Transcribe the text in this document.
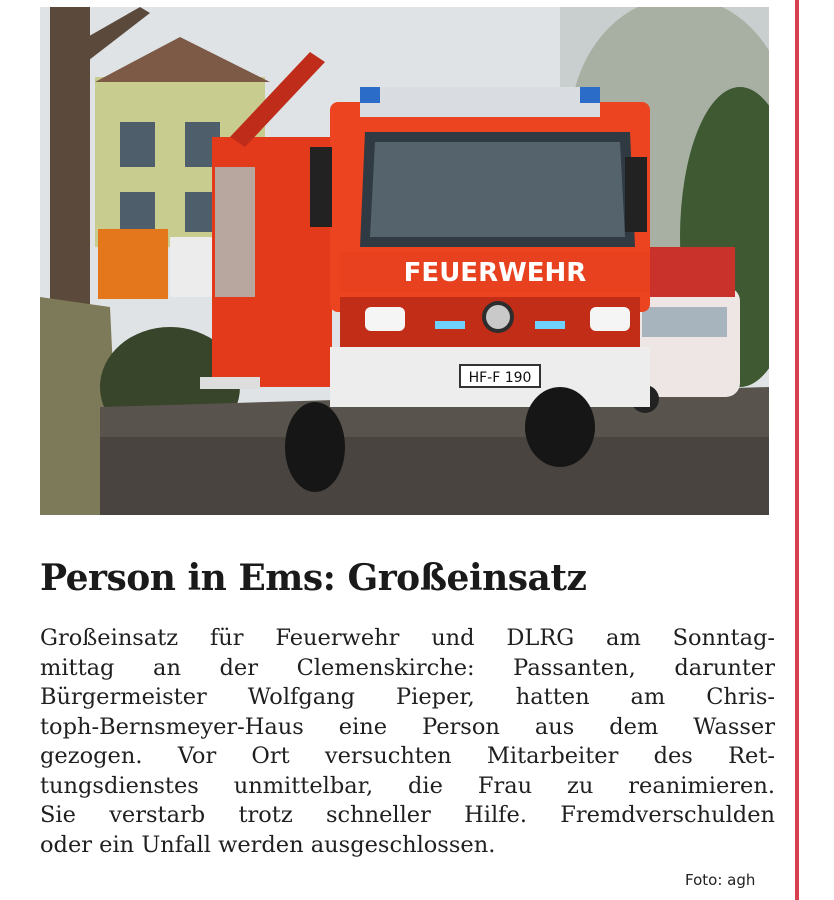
FEUERWEHR
HF-F 190
Person in Ems: Großeinsatz
Großeinsatz für Feuerwehr und DLRG am Sonntag-
mittag an der Clemenskirche: Passanten, darunter
Bürgermeister Wolfgang Pieper, hatten am Chris-
toph-Bernsmeyer-Haus eine Person aus dem Wasser
gezogen. Vor Ort versuchten Mitarbeiter des Ret-
tungsdienstes unmittelbar, die Frau zu reanimieren.
Sie verstarb trotz schneller Hilfe. Fremdverschulden
oder ein Unfall werden ausgeschlossen.
Foto: agh
